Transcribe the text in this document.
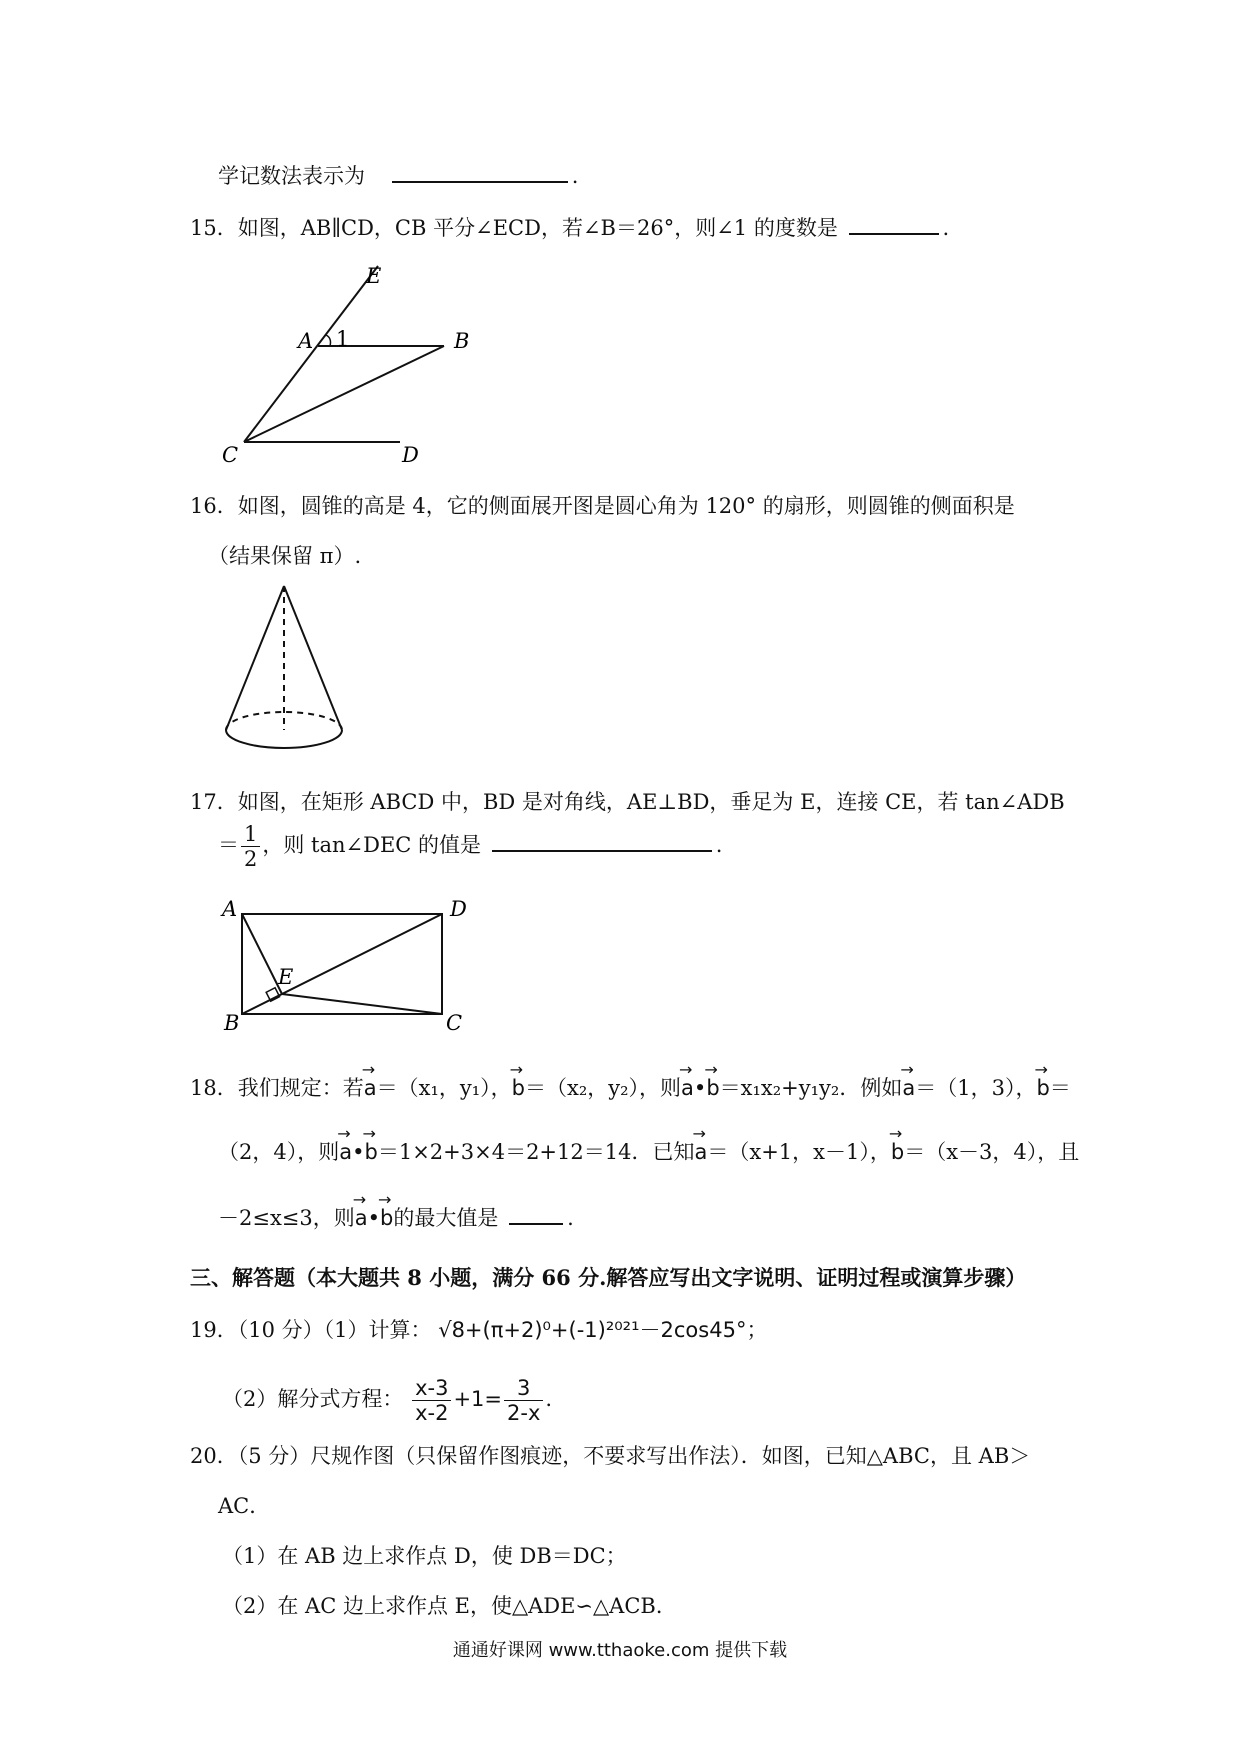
学记数法表示为	.
15．如图，AB∥CD，CB 平分∠ECD，若∠B＝26°，则∠1 的度数是	.
E
A 1	B
C	D
16．如图，圆锥的高是 4，它的侧面展开图是圆心角为 120° 的扇形，则圆锥的侧面积是
（结果保留 π）.
17．如图，在矩形 ABCD 中，BD 是对角线，AE⊥BD，垂足为 E，连接 CE，若 tan∠ADB
＝ $\frac{1}{2}$ ，则 tan∠DEC 的值是	.
A	D
E
B	C
18．我们规定：若→ a＝（x₁，y₁），→ b＝（x₂，y₂），则→ a•→ b＝x₁x₂+y₁y₂．例如→ a＝（1，3），→ b＝
（2，4），则→ a•→ b＝1×2+3×4＝2+12＝14．已知→ a＝（x+1，x－1），→ b＝（x－3，4），且
－2≤x≤3，则→ a•→ b的最大值是	.
三、解答题（本大题共 8 小题，满分 66 分.解答应写出文字说明、证明过程或演算步骤）
19．（10 分）（1）计算： √8+(π+2)⁰+(-1)²⁰²¹－2cos45°；
（2）解分式方程： $\frac{x-3}{x-2} +1= \frac{3}{2-x}$ .
20．（5 分）尺规作图（只保留作图痕迹，不要求写出作法）．如图，已知△ABC，且 AB＞
AC．
（1）在 AB 边上求作点 D，使 DB＝DC；
（2）在 AC 边上求作点 E，使△ADE∽△ACB．
通通好课网 www.tthaoke.com 提供下载
